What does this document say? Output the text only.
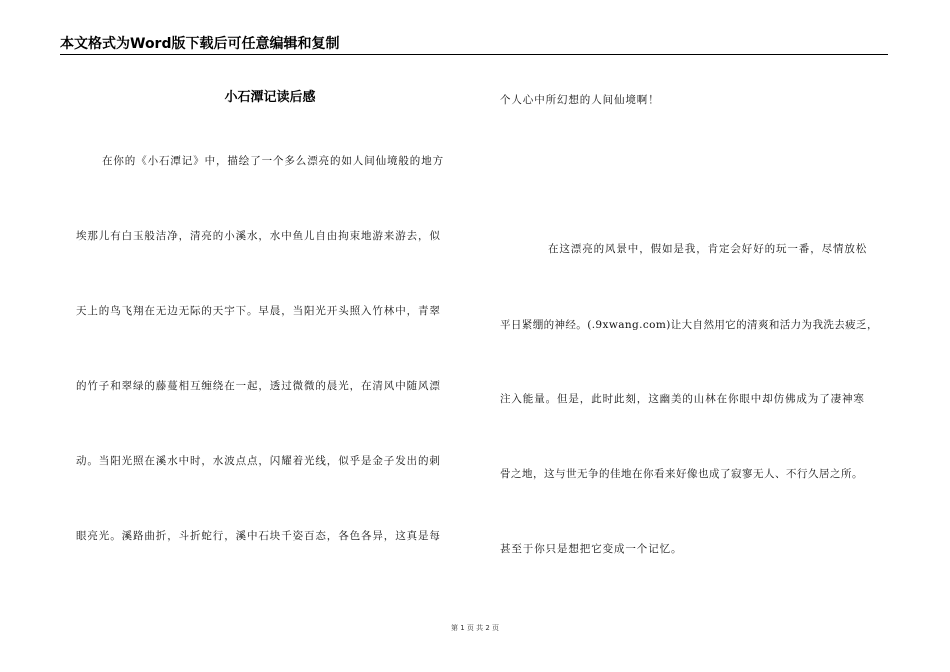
本文格式为Word版下载后可任意编辑和复制
小石潭记读后感
在你的《小石潭记》中，描绘了一个多么漂亮的如人间仙境般的地方
埃那儿有白玉般洁净，清亮的小溪水，水中鱼儿自由拘束地游来游去，似
天上的鸟飞翔在无边无际的天宇下。早晨，当阳光开头照入竹林中，青翠
的竹子和翠绿的藤蔓相互缠绕在一起，透过微微的晨光，在清风中随风漂
动。当阳光照在溪水中时，水波点点，闪耀着光线，似乎是金子发出的刺
眼亮光。溪路曲折，斗折蛇行，溪中石块千姿百态，各色各异，这真是每
个人心中所幻想的人间仙境啊！
在这漂亮的风景中，假如是我，肯定会好好的玩一番，尽情放松
平日紧绷的神经。(.9xwang.com)让大自然用它的清爽和活力为我洗去疲乏，
注入能量。但是，此时此刻，这幽美的山林在你眼中却仿佛成为了凄神寒
骨之地，这与世无争的佳地在你看来好像也成了寂寥无人、不行久居之所。
甚至于你只是想把它变成一个记忆。
第 1 页 共 2 页
